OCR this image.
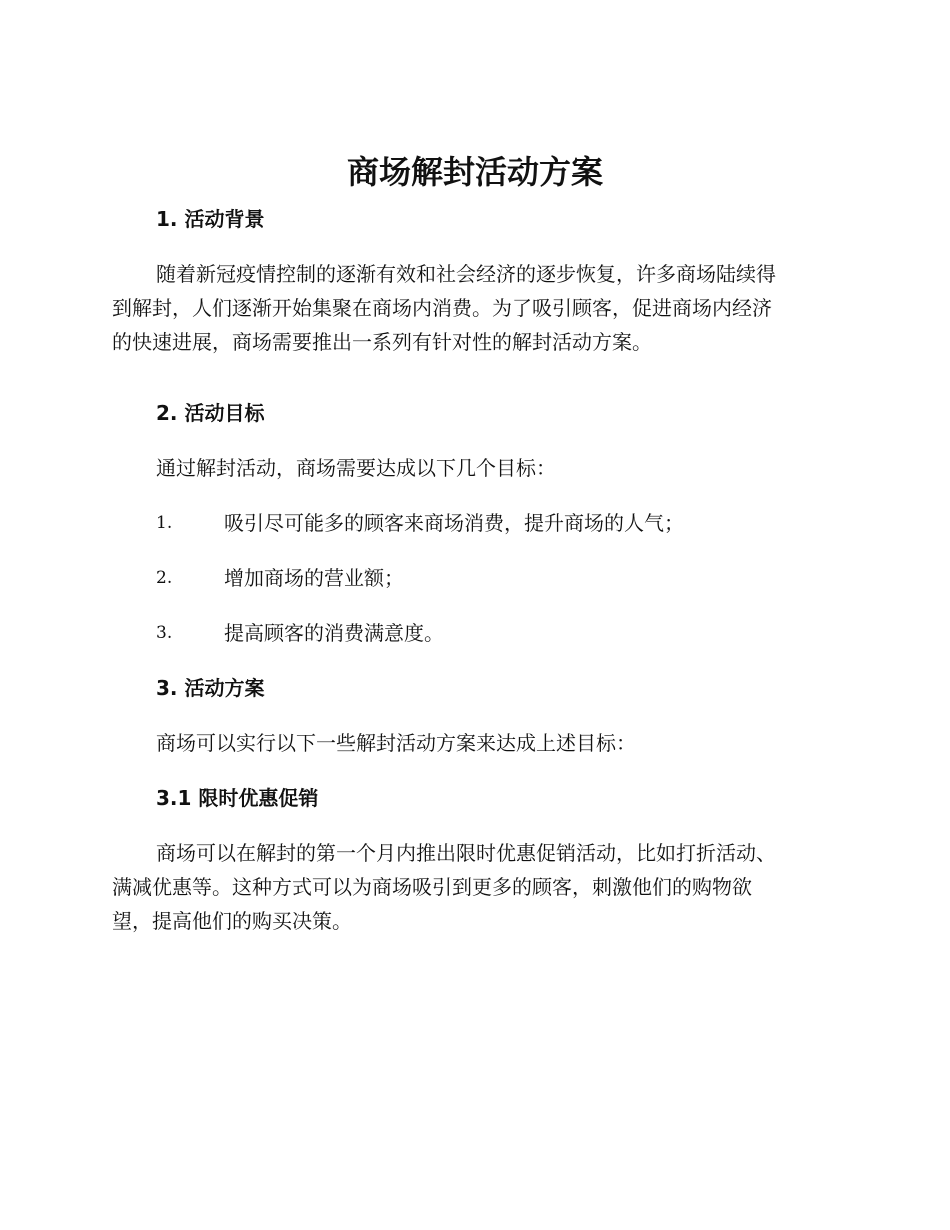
商场解封活动方案
1. 活动背景
随着新冠疫情控制的逐渐有效和社会经济的逐步恢复，许多商场陆续得
到解封，人们逐渐开始集聚在商场内消费。为了吸引顾客，促进商场内经济
的快速进展，商场需要推出一系列有针对性的解封活动方案。
2. 活动目标

通过解封活动，商场需要达成以下几个目标：

1.	吸引尽可能多的顾客来商场消费，提升商场的人气；
2.	增加商场的营业额；
3.	提高顾客的消费满意度。
3. 活动方案

商场可以实行以下一些解封活动方案来达成上述目标：

3.1 限时优惠促销
商场可以在解封的第一个月内推出限时优惠促销活动，比如打折活动、
满减优惠等。这种方式可以为商场吸引到更多的顾客，刺激他们的购物欲
望，提高他们的购买决策。
